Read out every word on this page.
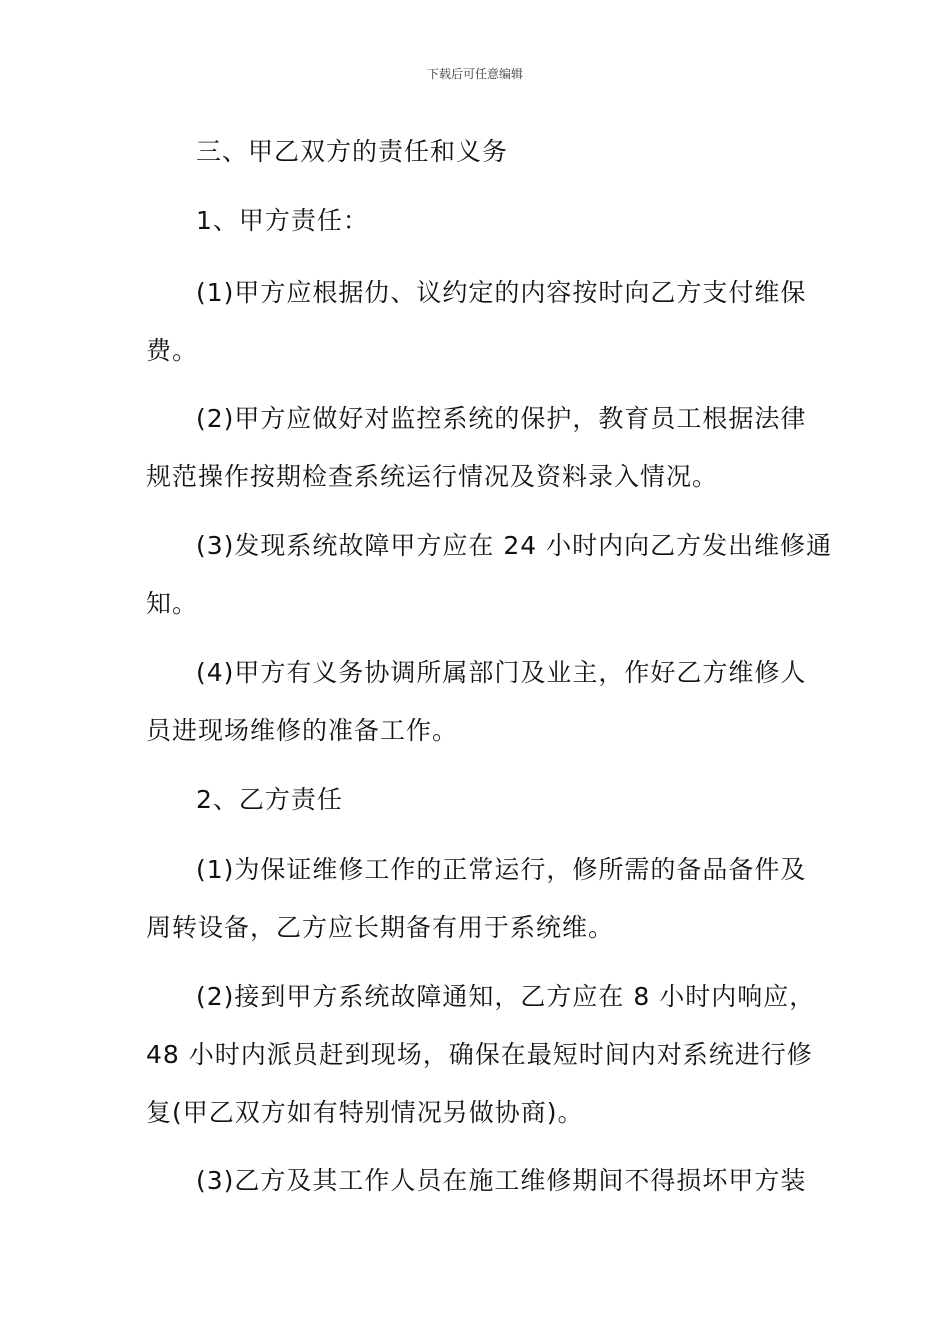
下载后可任意编辑
三、甲乙双方的责任和义务
1、甲方责任：
(1)甲方应根据仂、议约定的内容按时向乙方支付维保
费。
(2)甲方应做好对监控系统的保护，教育员工根据法律
规范操作按期检查系统运行情况及资料录入情况。
(3)发现系统故障甲方应在 24 小时内向乙方发出维修通
知。
(4)甲方有义务协调所属部门及业主，作好乙方维修人
员进现场维修的准备工作。
2、乙方责任
(1)为保证维修工作的正常运行，修所需的备品备件及
周转设备，乙方应长期备有用于系统维。
(2)接到甲方系统故障通知，乙方应在 8 小时内响应，
48 小时内派员赶到现场，确保在最短时间内对系统进行修
复(甲乙双方如有特别情况另做协商)。
(3)乙方及其工作人员在施工维修期间不得损坏甲方装
